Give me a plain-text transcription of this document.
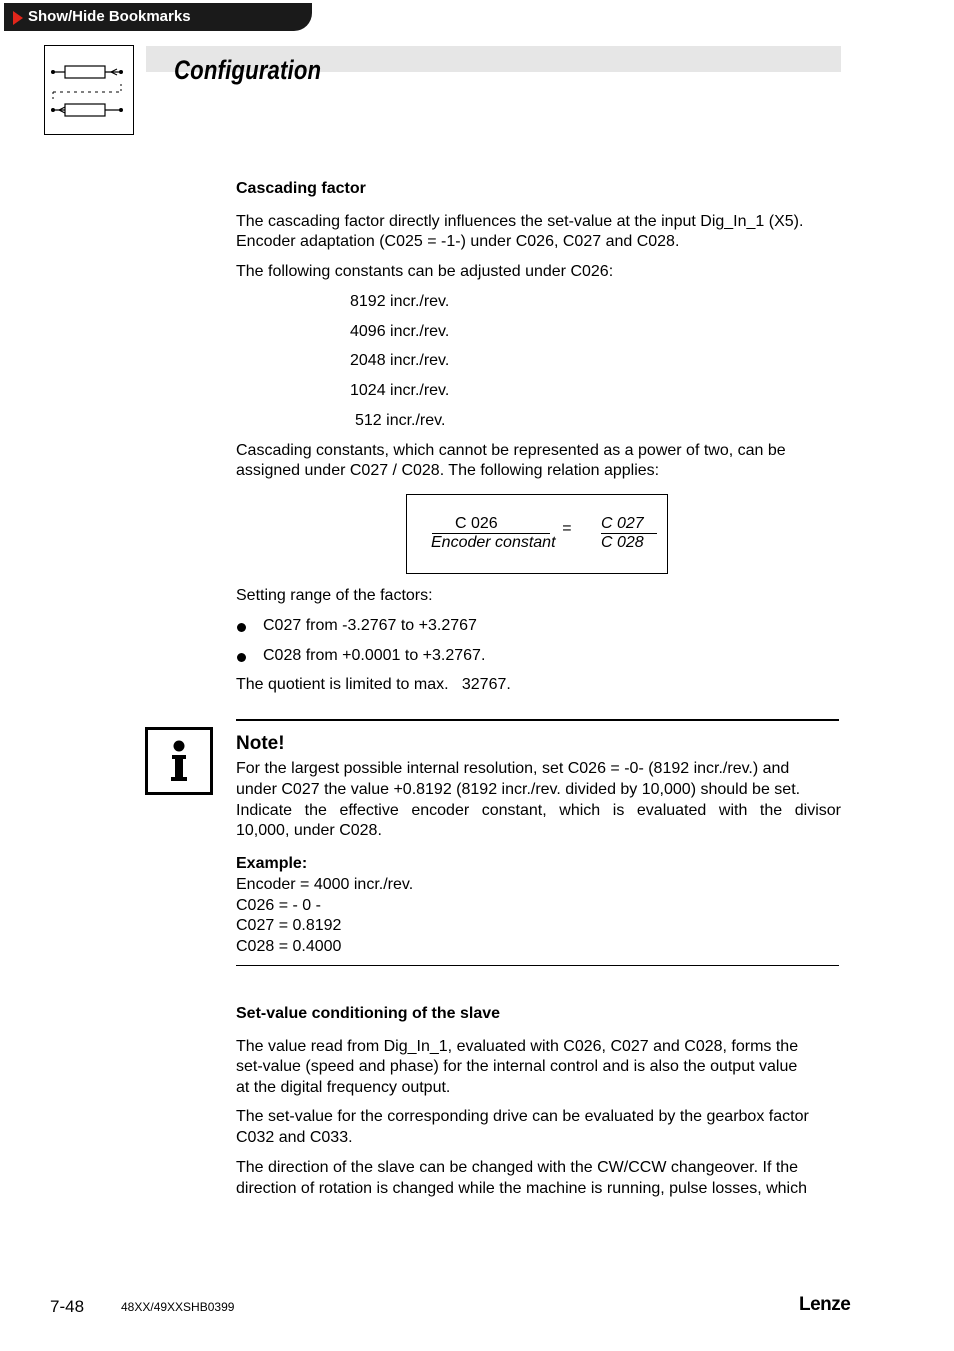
Show/Hide Bookmarks
Configuration
Cascading factor
The cascading factor directly influences the set-value at the input Dig_In_1 (X5).
Encoder adaptation (C025 = -1-) under C026, C027 and C028.
The following constants can be adjusted under C026:
8192 incr./rev.
4096 incr./rev.
2048 incr./rev.
1024 incr./rev.
512 incr./rev.
Cascading constants, which cannot be represented as a power of two, can be
assigned under C027 / C028. The following relation applies:
C 026
Encoder constant
= C 027
C 028
Setting range of the factors:
C027 from -3.2767 to +3.2767
C028 from +0.0001 to +3.2767.
The quotient is limited to max.   32767.
Note!
For the largest possible internal resolution, set C026 = -0- (8192 incr./rev.) and
under C027 the value +0.8192 (8192 incr./rev. divided by 10,000) should be set.
Indicate the effective encoder constant, which is evaluated with the divisor
10,000, under C028.
Example:
Encoder = 4000 incr./rev.
C026 = - 0 -
C027 = 0.8192
C028 = 0.4000
Set-value conditioning of the slave
The value read from Dig_In_1, evaluated with C026, C027 and C028, forms the
set-value (speed and phase) for the internal control and is also the output value
at the digital frequency output.
The set-value for the corresponding drive can be evaluated by the gearbox factor
C032 and C033.
The direction of the slave can be changed with the CW/CCW changeover. If the
direction of rotation is changed while the machine is running, pulse losses, which
7-48	48XX/49XXSHB0399	Lenze
